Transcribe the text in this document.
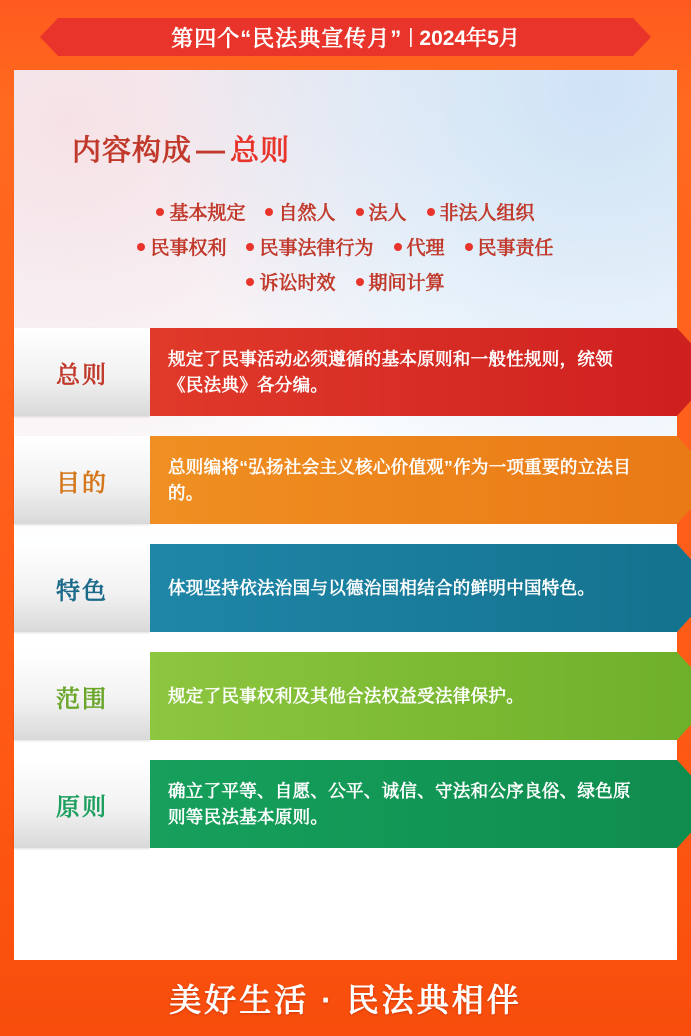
第四个“民法典宣传月” | 2024年5月
内容构成 — 总则
基本规定 自然人 法人 非法人组织
民事权利 民事法律行为 代理 民事责任
诉讼时效 期间计算
总则
规定了民事活动必须遵循的基本原则和一般性规则，统领《民法典》各分编。
目的
总则编将“弘扬社会主义核心价值观”作为一项重要的立法目的。
特色	体现坚持依法治国与以德治国相结合的鲜明中国特色。
范围	规定了民事权利及其他合法权益受法律保护。
原则
确立了平等、自愿、公平、诚信、守法和公序良俗、绿色原则等民法基本原则。
美好生活 · 民法典相伴
